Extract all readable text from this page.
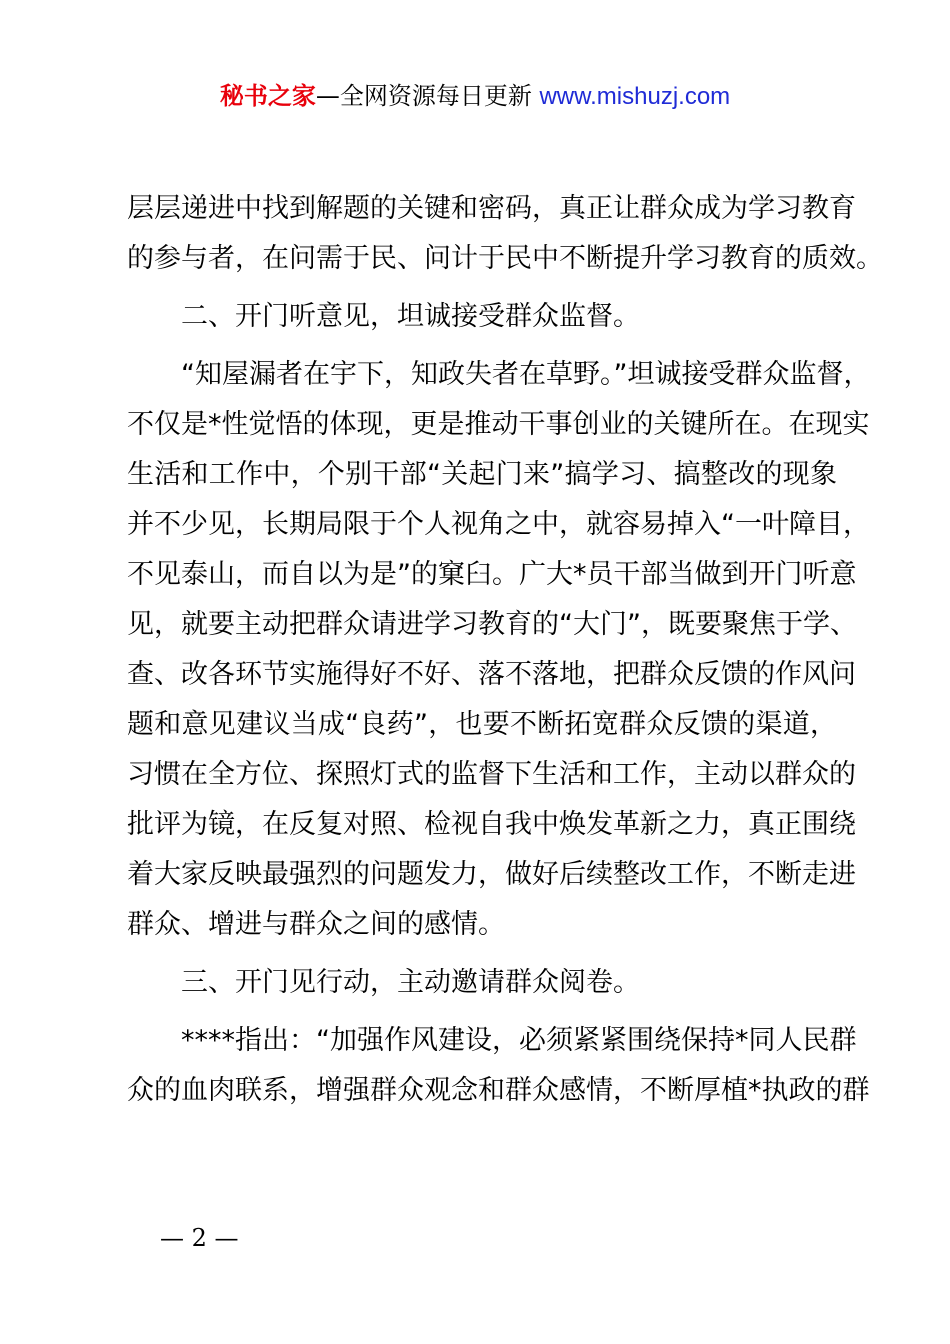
秘书之家—全网资源每日更新 www.mishuzj.com
层层递进中找到解题的关键和密码，真正让群众成为学习教育
的参与者，在问需于民、问计于民中不断提升学习教育的质效。
二、开门听意见，坦诚接受群众监督。
“知屋漏者在宇下，知政失者在草野。”坦诚接受群众监督，
不仅是*性觉悟的体现，更是推动干事创业的关键所在。在现实
生活和工作中，个别干部“关起门来”搞学习、搞整改的现象
并不少见，长期局限于个人视角之中，就容易掉入“一叶障目，
不见泰山，而自以为是”的窠臼。广大*员干部当做到开门听意
见，就要主动把群众请进学习教育的“大门”，既要聚焦于学、
查、改各环节实施得好不好、落不落地，把群众反馈的作风问
题和意见建议当成“良药”，也要不断拓宽群众反馈的渠道，
习惯在全方位、探照灯式的监督下生活和工作，主动以群众的
批评为镜，在反复对照、检视自我中焕发革新之力，真正围绕
着大家反映最强烈的问题发力，做好后续整改工作，不断走进
群众、增进与群众之间的感情。
三、开门见行动，主动邀请群众阅卷。
****指出：“加强作风建设，必须紧紧围绕保持*同人民群
众的血肉联系，增强群众观念和群众感情，不断厚植*执政的群
— 2 —
